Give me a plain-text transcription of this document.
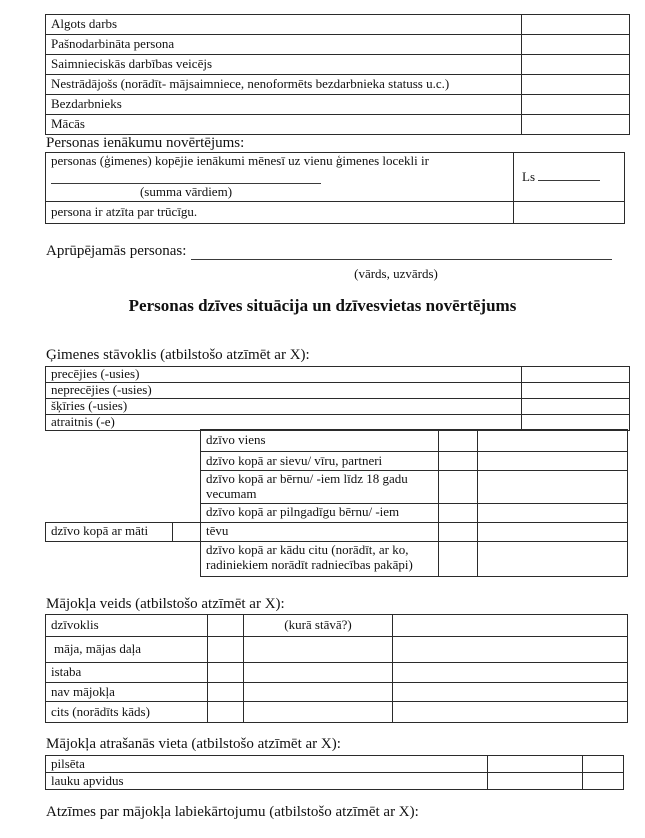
Algots darbs	
Pašnodarbināta persona	
Saimnieciskās darbības veicējs	
Nestrādājošs (norādīt- mājsaimniece, nenoformēts bezdarbnieka statuss u.c.)	
Bezdarbnieks	
Mācās	
Personas ienākumu novērtējums:
personas (ģimenes) kopējie ienākumi mēnesī uz vienu ģimenes locekli ir
(summa vārdiem)	Ls
persona ir atzīta par trūcīgu.	
Aprūpējamās personas:
(vārds, uzvārds)
Personas dzīves situācija un dzīvesvietas novērtējums
Ģimenes stāvoklis (atbilstošo atzīmēt ar X):
precējies (-usies)	
neprecējies (-usies)	
šķīries (-usies)	
atraitnis (-e)	
		dzīvo viens		
		dzīvo kopā ar sievu/ vīru, partneri		
		dzīvo kopā ar bērnu/ -iem līdz 18 gadu vecumam		
		dzīvo kopā ar pilngadīgu bērnu/ -iem		
dzīvo kopā ar māti		tēvu		
		dzīvo kopā ar kādu citu (norādīt, ar ko, radiniekiem norādīt radniecības pakāpi)		
Mājokļa veids (atbilstošo atzīmēt ar X):
dzīvoklis		(kurā stāvā?)	
māja, mājas daļa			
istaba			
nav mājokļa			
cits (norādīts kāds)			
Mājokļa atrašanās vieta (atbilstošo atzīmēt ar X):
pilsēta		
lauku apvidus		
Atzīmes par mājokļa labiekārtojumu (atbilstošo atzīmēt ar X):
